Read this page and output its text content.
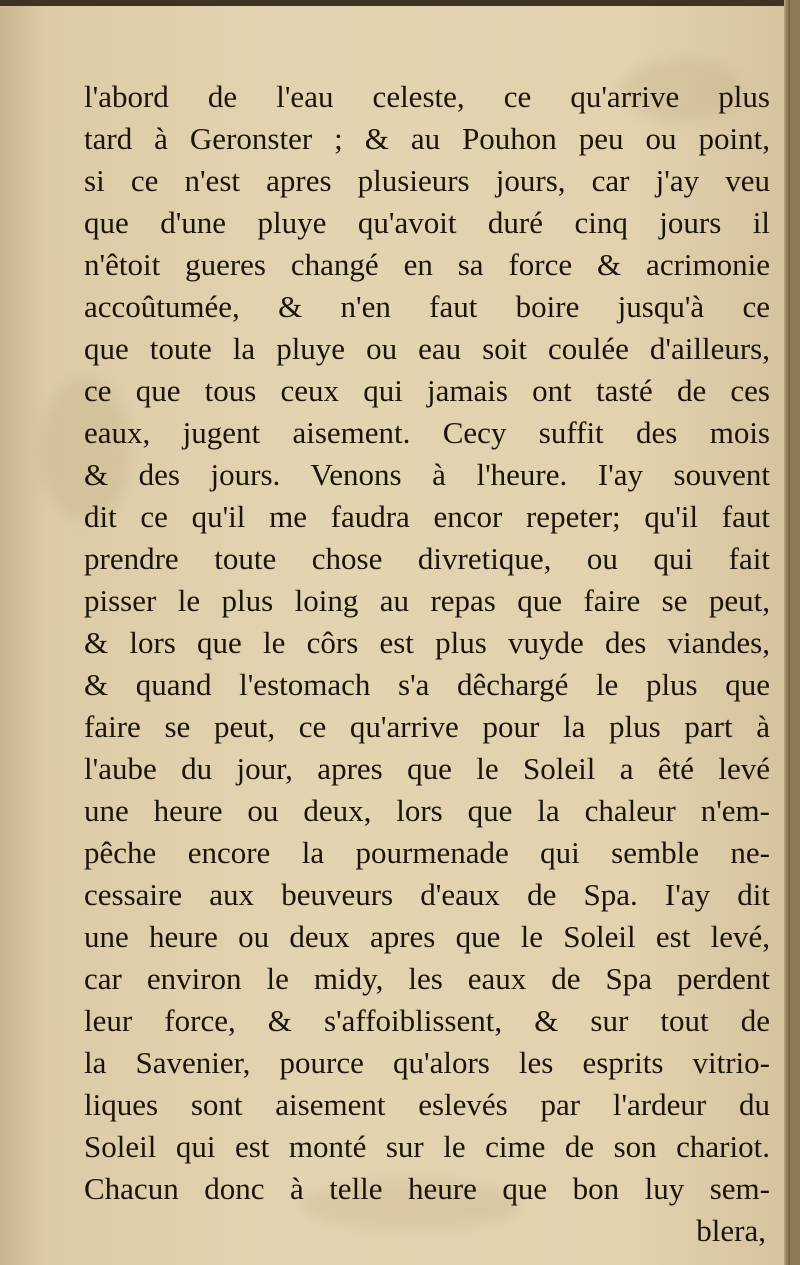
l'abord de l'eau celeste, ce qu'arrive plus
tard à Geronster ; & au Pouhon peu ou point,
si ce n'est apres plusieurs jours, car j'ay veu
que d'une pluye qu'avoit duré cinq jours il
n'êtoit gueres changé en sa force & acrimonie
accoûtumée, & n'en faut boire jusqu'à ce
que toute la pluye ou eau soit coulée d'ailleurs,
ce que tous ceux qui jamais ont tasté de ces
eaux, jugent aisement. Cecy suffit des mois
& des jours. Venons à l'heure. I'ay souvent
dit ce qu'il me faudra encor repeter; qu'il faut
prendre toute chose divretique, ou qui fait
pisser le plus loing au repas que faire se peut,
& lors que le côrs est plus vuyde des viandes,
& quand l'estomach s'a dêchargé le plus que
faire se peut, ce qu'arrive pour la plus part à
l'aube du jour, apres que le Soleil a êté levé
une heure ou deux, lors que la chaleur n'em-
pêche encore la pourmenade qui semble ne-
cessaire aux beuveurs d'eaux de Spa. I'ay dit
une heure ou deux apres que le Soleil est levé,
car environ le midy, les eaux de Spa perdent
leur force, & s'affoiblissent, & sur tout de
la Savenier, pource qu'alors les esprits vitrio-
liques sont aisement eslevés par l'ardeur du
Soleil qui est monté sur le cime de son chariot.
Chacun donc à telle heure que bon luy sem-
blera,
